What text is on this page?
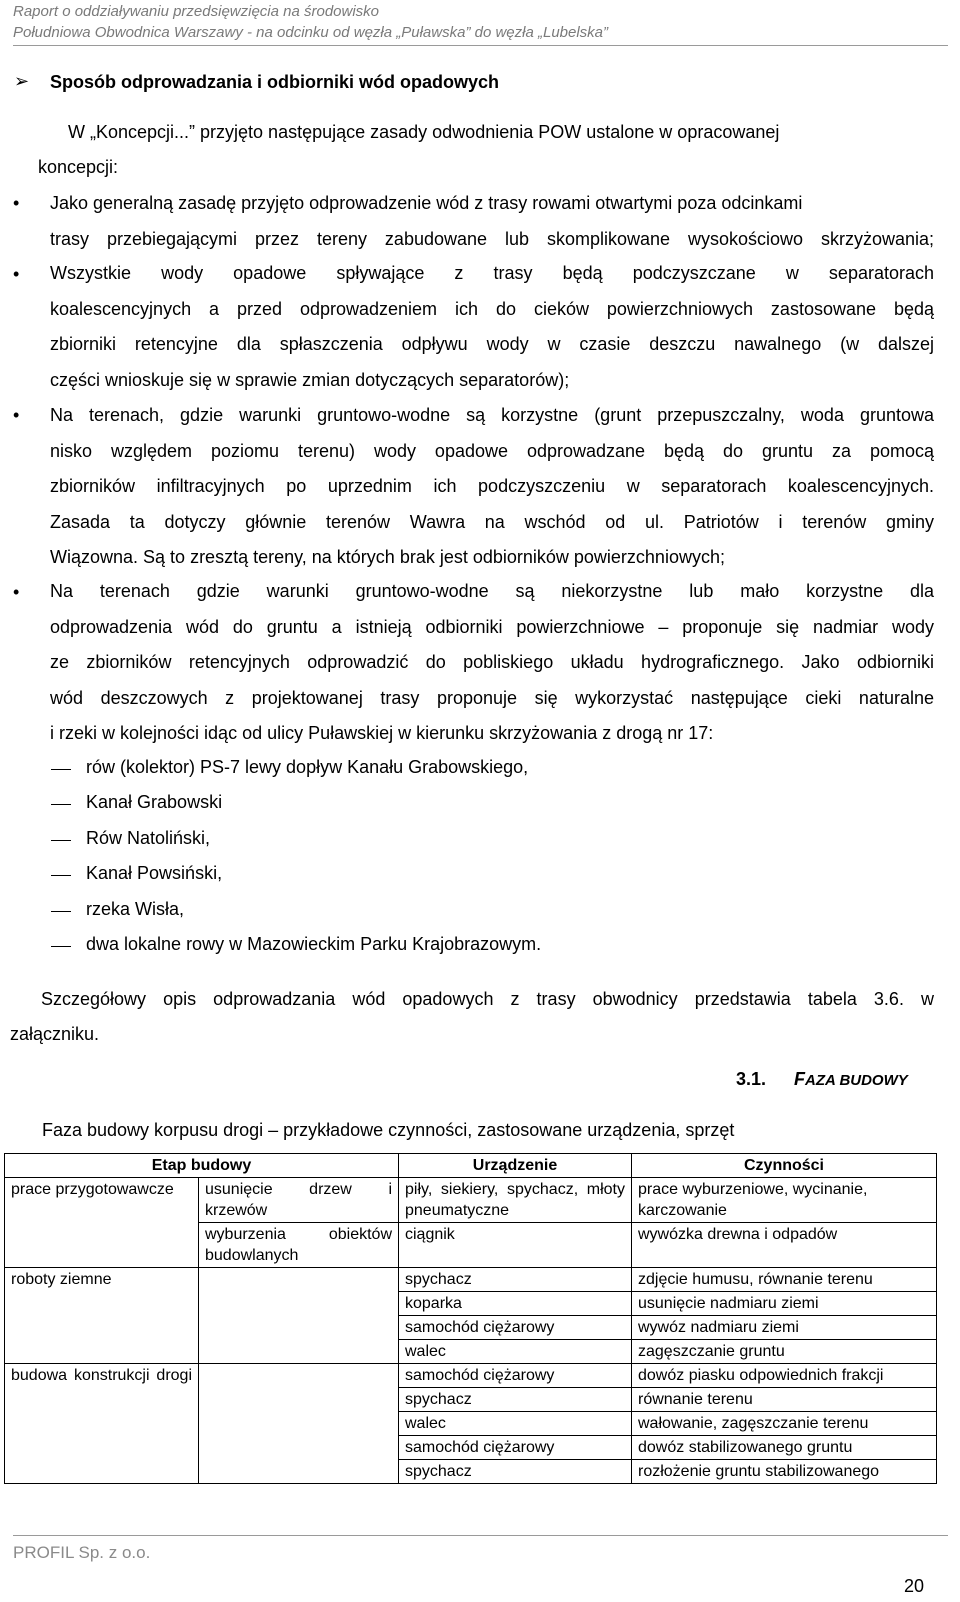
Raport o oddziaływaniu przedsięwzięcia na środowisko
Południowa Obwodnica Warszawy - na odcinku od węzła „Puławska” do węzła „Lubelska”
➢ Sposób odprowadzania i odbiorniki wód opadowych
W „Koncepcji...” przyjęto następujące zasady odwodnienia POW ustalone w opracowanej
koncepcji:
• Jako generalną zasadę przyjęto odprowadzenie wód z trasy rowami otwartymi poza odcinkami
trasy przebiegającymi przez tereny zabudowane lub skomplikowane wysokościowo skrzyżowania;
• Wszystkie wody opadowe spływające z trasy będą podczyszczane w separatorach
koalescencyjnych a przed odprowadzeniem ich do cieków powierzchniowych zastosowane będą
zbiorniki retencyjne dla spłaszczenia odpływu wody w czasie deszczu nawalnego (w dalszej
części wnioskuje się w sprawie zmian dotyczących separatorów);
• Na terenach, gdzie warunki gruntowo-wodne są korzystne (grunt przepuszczalny, woda gruntowa
nisko względem poziomu terenu) wody opadowe odprowadzane będą do gruntu za pomocą
zbiorników infiltracyjnych po uprzednim ich podczyszczeniu w separatorach koalescencyjnych.
Zasada ta dotyczy głównie terenów Wawra na wschód od ul. Patriotów i terenów gminy
Wiązowna. Są to zresztą tereny, na których brak jest odbiorników powierzchniowych;
• Na terenach gdzie warunki gruntowo-wodne są niekorzystne lub mało korzystne dla
odprowadzenia wód do gruntu a istnieją odbiorniki powierzchniowe – proponuje się nadmiar wody
ze zbiorników retencyjnych odprowadzić do pobliskiego układu hydrograficznego. Jako odbiorniki
wód deszczowych z projektowanej trasy proponuje się wykorzystać następujące cieki naturalne
i rzeki w kolejności idąc od ulicy Puławskiej w kierunku skrzyżowania z drogą nr 17:
rów (kolektor) PS-7 lewy dopływ Kanału Grabowskiego,
Kanał Grabowski
Rów Natoliński,
Kanał Powsiński,
rzeka Wisła,
dwa lokalne rowy w Mazowieckim Parku Krajobrazowym.
Szczegółowy opis odprowadzania wód opadowych z trasy obwodnicy przedstawia tabela 3.6. w
załączniku.
3.1. FAZA BUDOWY
Faza budowy korpusu drogi – przykładowe czynności, zastosowane urządzenia, sprzęt
Etap budowy		Urządzenie	Czynności
prace przygotowawcze	usunięcie drzew i krzewów	piły, siekiery, spychacz, młoty pneumatyczne	prace wyburzeniowe, wycinanie, karczowanie
	wyburzenia obiektów budowlanych	ciągnik	wywózka drewna i odpadów
roboty ziemne		spychacz	zdjęcie humusu, równanie terenu
		koparka	usunięcie nadmiaru ziemi
		samochód ciężarowy	wywóz nadmiaru ziemi
		walec	zagęszczanie gruntu
budowa konstrukcji drogi		samochód ciężarowy	dowóz piasku odpowiednich frakcji
		spychacz	równanie terenu
		walec	wałowanie, zagęszczanie terenu
		samochód ciężarowy	dowóz stabilizowanego gruntu
		spychacz	rozłożenie gruntu stabilizowanego
PROFIL Sp. z o.o.
20
